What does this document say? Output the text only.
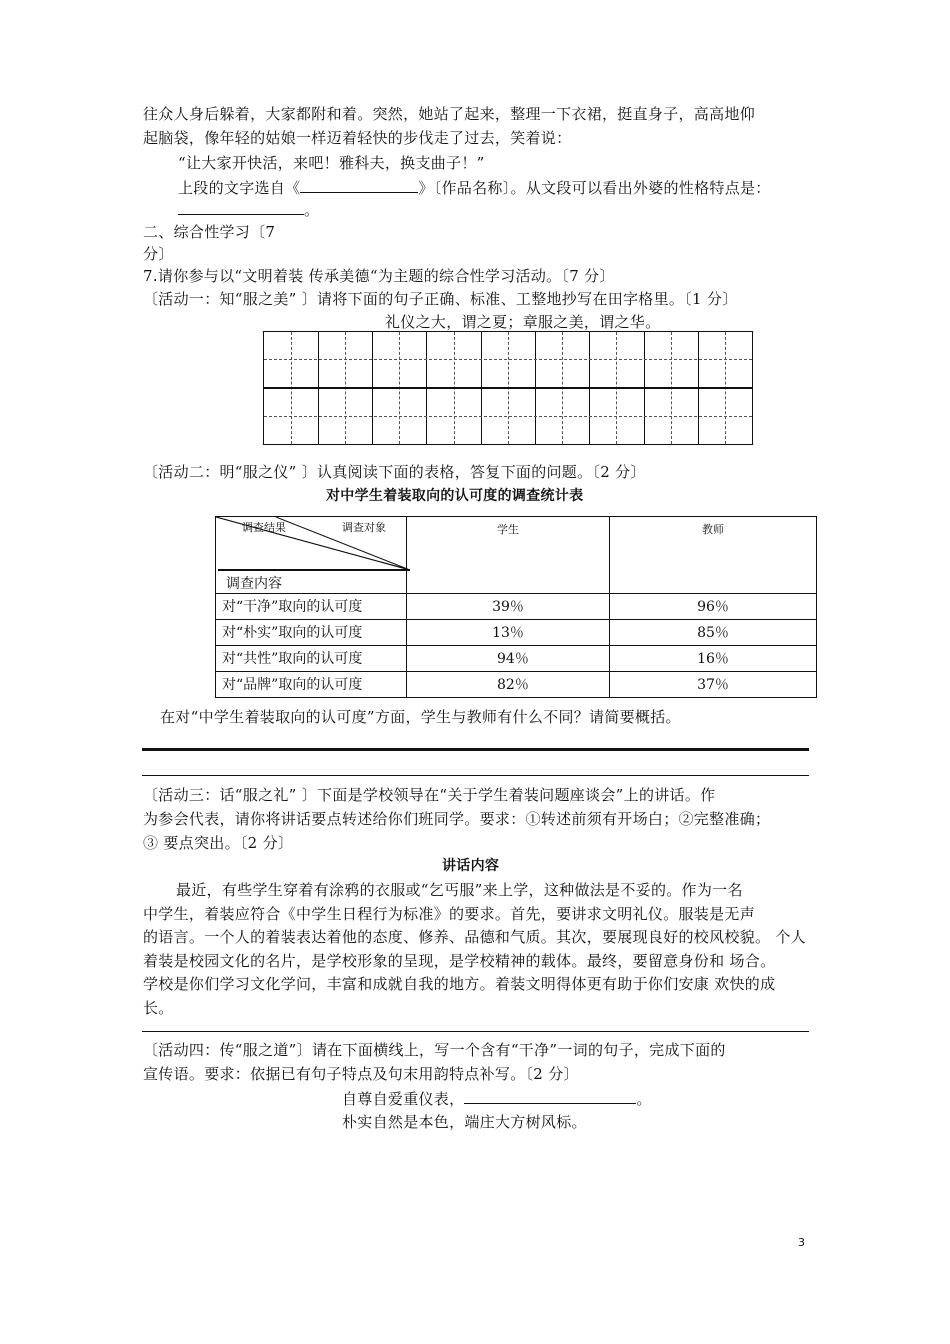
往众人身后躲着，大家都附和着。突然，她站了起来，整理一下衣裙，挺直身子，高高地仰
起脑袋，像年轻的姑娘一样迈着轻快的步伐走了过去，笑着说：
“让大家开快活，来吧！雅科夫，换支曲子！”
上段的文字选自《	》〔作品名称〕。从文段可以看出外婆的性格特点是：
。
二、综合性学习〔7
分〕
7.请你参与以“文明着装 传承美德“为主题的综合性学习活动。〔7 分〕
〔活动一：知“服之美” 〕请将下面的句子正确、标准、工整地抄写在田字格里。〔1 分〕
礼仪之大，谓之夏；章服之美，谓之华。
〔活动二：明“服之仪” 〕认真阅读下面的表格，答复下面的问题。〔2 分〕
对中学生着装取向的认可度的调查统计表
调查结果 调查对象
调查内容	学生	教师
对“干净”取向的认可度	39％	96％
对“朴实”取向的认可度	13％	85％
对“共性”取向的认可度	94％	16％
对“品牌”取向的认可度	82％	37％
在对“中学生着装取向的认可度”方面，学生与教师有什么不同？请简要概括。
〔活动三：话“服之礼” 〕下面是学校领导在“关于学生着装问题座谈会”上的讲话。作
为参会代表，请你将讲话要点转述给你们班同学。要求：①转述前须有开场白；②完整准确；
③ 要点突出。〔2 分〕
讲话内容
最近，有些学生穿着有涂鸦的衣服或“乞丐服”来上学，这种做法是不妥的。作为一名
中学生，着装应符合《中学生日程行为标准》的要求。首先，要讲求文明礼仪。服装是无声
的语言。一个人的着装表达着他的态度、修养、品德和气质。其次，要展现良好的校风校貌。 个人
着装是校园文化的名片，是学校形象的呈现，是学校精神的载体。最终，要留意身份和 场合。
学校是你们学习文化学问，丰富和成就自我的地方。着装文明得体更有助于你们安康 欢快的成
长。
〔活动四：传“服之道”〕请在下面横线上，写一个含有“干净”一词的句子，完成下面的
宣传语。要求：依据已有句子特点及句末用韵特点补写。〔2 分〕
自尊自爱重仪表，	。
朴实自然是本色，端庄大方树风标。
3
